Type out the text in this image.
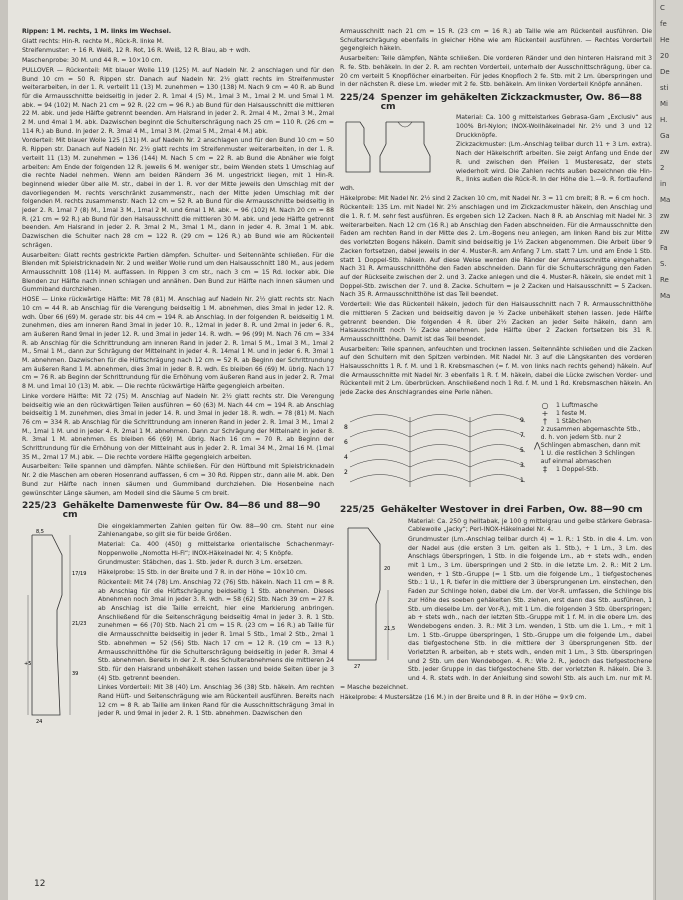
Rippen: 1 M. rechts, 1 M. links im Wechsel.

Glatt rechts: Hin-R. rechte M., Rück-R. linke M.

Streifenmuster: + 16 R. Weiß, 12 R. Rot, 16 R. Weiß, 12 R. Blau, ab + wdh.

Maschenprobe: 30 M. und 44 R. = 10×10 cm.

PULLOVER — Rückenteil: Mit blauer Wolle 119 (125) M. auf Nadeln Nr. 2 anschlagen und für den Bund 10 cm = 50 R. Rippen str. Danach auf Nadeln Nr. 2½ glatt rechts im Streifenmuster weiterarbeiten, in der 1. R. verteilt 11 (13) M. zunehmen = 130 (138) M. Nach 9 cm = 40 R. ab Bund für die Armausschnitte beidseitig in jeder 2. R. 1mal 4 (5) M., 1mal 3 M., 1mal 2 M. und 5mal 1 M. abk. = 94 (102) M. Nach 21 cm = 92 R. (22 cm = 96 R.) ab Bund für den Halsausschnitt die mittleren 22 M. abk. und jede Hälfte getrennt beenden. Am Halsrand in jeder 2. R. 2mal 4 M., 2mal 3 M., 2mal 2 M. und 4mal 1 M. abk. Dazwischen beginnt die Schulterschrägung nach 25 cm = 110 R. (26 cm = 114 R.) ab Bund. In jeder 2. R. 3mal 4 M., 1mal 3 M. (2mal 5 M., 2mal 4 M.) abk.

Vorderteil: Mit blauer Wolle 125 (131) M. auf Nadeln Nr. 2 anschlagen und für den Bund 10 cm = 50 R. Rippen str. Danach auf Nadeln Nr. 2½ glatt rechts im Streifenmuster weiterarbeiten, in der 1. R. verteilt 11 (13) M. zunehmen = 136 (144) M. Nach 5 cm = 22 R. ab Bund die Abnäher wie folgt arbeiten: Am Ende der folgenden 12 R. jeweils 6 M. weniger str., beim Wenden stets 1 Umschlag auf die rechte Nadel nehmen. Wenn am beiden Rändern 36 M. ungestrickt liegen, mit 1 Hin-R. beginnend wieder über alle M. str., dabei in der 1. R. vor der Mitte jeweils den Umschlag mit der davorliegenden M. rechts verschränkt zusammenstr., nach der Mitte jeden Umschlag mit der folgenden M. rechts zusammenstr. Nach 12 cm = 52 R. ab Bund für die Armausschnitte beidseitig in jeder 2. R. 1mal 7 (8) M., 1mal 3 M., 1mal 2 M. und 6mal 1 M. abk. = 96 (102) M. Nach 20 cm = 88 R. (21 cm = 92 R.) ab Bund für den Halsausschnitt die mittleren 30 M. abk. und jede Hälfte getrennt beenden. Am Halsrand in jeder 2. R. 3mal 2 M., 3mal 1 M., dann in jeder 4. R. 3mal 1 M. abk. Dazwischen die Schulter nach 28 cm = 122 R. (29 cm = 126 R.) ab Bund wie am Rückenteil schrägen.

Ausarbeiten: Glatt rechts gestrickte Partien dämpfen. Schulter- und Seitennähte schließen. Für die Blenden mit Spielstricknadeln Nr. 2 und weißer Wolle rund um den Halsausschnitt 180 M., aus jedem Armausschnitt 108 (114) M. auffassen. In Rippen 3 cm str., nach 3 cm = 15 Rd. locker abk. Die Blenden zur Hälfte nach innen schlagen und annähen. Den Bund zur Hälfte nach innen säumen und Gummiband durchziehen.

HOSE — Linke rückwärtige Hälfte: Mit 78 (81) M. Anschlag auf Nadeln Nr. 2½ glatt rechts str. Nach 10 cm = 44 R. ab Anschlag für die Verengung beidseitig 1 M. abnehmen, dies 3mal in jeder 12. R. wdh. Über 66 (69) M. gerade str. bis 44 cm = 194 R. ab Anschlag. In der folgenden R. beidseitig 1 M. zunehmen, dies am inneren Rand 3mal in jeder 10. R., 12mal in jeder 8. R. und 2mal in jeder 6. R., am äußeren Rand 9mal in jeder 12. R. und 3mal in jeder 14. R. wdh. = 96 (99) M. Nach 76 cm = 334 R. ab Anschlag für die Schrittrundung am inneren Rand in jeder 2. R. 1mal 5 M., 1mal 3 M., 1mal 2 M., 5mal 1 M., dann zur Schrägung der Mittelnaht in jeder 4. R. 14mal 1 M. und in jeder 6. R. 3mal 1 M. abnehmen. Dazwischen für die Hüftschrägung nach 12 cm = 52 R. ab Beginn der Schrittrundung am äußeren Rand 1 M. abnehmen, dies 3mal in jeder 8. R. wdh. Es bleiben 66 (69) M. übrig. Nach 17 cm = 76 R. ab Beginn der Schrittrundung für die Erhöhung vom äußeren Rand aus in jeder 2. R. 7mal 8 M. und 1mal 10 (13) M. abk. — Die rechte rückwärtige Hälfte gegengleich arbeiten.

Linke vordere Hälfte: Mit 72 (75) M. Anschlag auf Nadeln Nr. 2½ glatt rechts str. Die Verengung beidseitig wie an den rückwärtigen Teilen ausführen = 60 (63) M. Nach 44 cm = 194 R. ab Anschlag beidseitig 1 M. zunehmen, dies 3mal in jeder 14. R. und 3mal in jeder 18. R. wdh. = 78 (81) M. Nach 76 cm = 334 R. ab Anschlag für die Schrittrundung am inneren Rand in jeder 2. R. 1mal 3 M., 1mal 2 M., 1mal 1 M. und in jeder 4. R. 2mal 1 M. abnehmen. Dann zur Schrägung der Mittelnaht in jeder 8. R. 3mal 1 M. abnehmen. Es bleiben 66 (69) M. übrig. Nach 16 cm = 70 R. ab Beginn der Schrittrundung für die Erhöhung von der Mittelnaht aus in jeder 2. R. 1mal 34 M., 2mal 16 M. (1mal 35 M., 2mal 17 M.) abk. — Die rechte vordere Hälfte gegengleich arbeiten.

Ausarbeiten: Teile spannen und dämpfen. Nähte schließen. Für den Hüftbund mit Spielstricknadeln Nr. 2 die Maschen am oberen Hosenrand auffassen, 6 cm = 30 Rd. Rippen str., dann alle M. abk. Den Bund zur Hälfte nach innen säumen und Gummiband durchziehen. Die Hosenbeine nach gewünschter Länge säumen, am Modell sind die Säume 5 cm breit.

225/23 Gehäkelte Damenweste für Ow. 84—86 und 88—90 cm
17/19
21/23
39
+5
24
8,5

Die eingeklammerten Zahlen gelten für Ow. 88—90 cm. Steht nur eine Zahlenangabe, so gilt sie für beide Größen.

Material: Ca. 400 (450) g mittelstarke orientalische Schachenmayr-Noppenwolle „Nomotta Hi-Fi“; INOX-Häkelnadel Nr. 4; 5 Knöpfe.

Grundmuster: Stäbchen, das 1. Stb. jeder R. durch 3 Lm. ersetzen.

Häkelprobe: 15 Stb. in der Breite und 7 R. in der Höhe = 10×10 cm.

Rückenteil: Mit 74 (78) Lm. Anschlag 72 (76) Stb. häkeln. Nach 11 cm = 8 R. ab Anschlag für die Hüftschrägung beidseitig 1 Stb. abnehmen. Dieses Abnehmen noch 3mal in jeder 3. R. wdh. = 58 (62) Stb. Nach 39 cm = 27 R. ab Anschlag ist die Taille erreicht, hier eine Markierung anbringen. Anschließend für die Seitenschrägung beidseitig 4mal in jeder 3. R. 1 Stb. zunehmen = 66 (70) Stb. Nach 21 cm = 15 R. (23 cm = 16 R.) ab Taille für die Armausschnitte beidseitig in jeder R. 1mal 5 Stb., 1mal 2 Stb., 2mal 1 Stb. abnehmen = 52 (56) Stb. Nach 17 cm = 12 R. (19 cm = 13 R.) Armausschnitthöhe für die Schulterschrägung beidseitig in jeder R. 3mal 4 Stb. abnehmen. Bereits in der 2. R. des Schulterabnehmens die mittleren 24 Stb. für den Halsrand unbehäkelt stehen lassen und beide Seiten über je 3 (4) Stb. getrennt beenden.

Linkes Vorderteil: Mit 38 (40) Lm. Anschlag 36 (38) Stb. häkeln. Am rechten Rand Hüft- und Seitenschrägung wie am Rückenteil ausführen. Bereits nach 12 cm = 8 R. ab Taille am linken Rand für die Ausschnittschrägung 3mal in jeder R. und 9mal in jeder 2. R. 1 Stb. abnehmen. Dazwischen den

Armausschnitt nach 21 cm = 15 R. (23 cm = 16 R.) ab Taille wie am Rückenteil ausführen. Die Schulterschrägung ebenfalls in gleicher Höhe wie am Rückenteil ausführen. — Rechtes Vorderteil gegengleich häkeln.

Ausarbeiten: Teile dämpfen, Nähte schließen. Die vorderen Ränder und den hinteren Halsrand mit 3 R. fe. Stb. behäkeln. In der 2. R. am rechten Vorderteil, unterhalb der Ausschnittschrägung, über ca. 20 cm verteilt 5 Knopflöcher einarbeiten. Für jedes Knopfloch 2 fe. Stb. mit 2 Lm. überspringen und in der nächsten R. diese Lm. wieder mit 2 fe. Stb. behäkeln. Am linken Vorderteil Knöpfe annähen.

225/24 Spenzer im gehäkelten Zickzackmuster, Ow. 86—88 cm

Material: Ca. 100 g mittelstarkes Gebrasa-Garn „Exclusiv“ aus 100% Bri-Nylon; INOX-Wollhäkelnadel Nr. 2½ und 3 und 12 Druckknöpfe.

Zickzackmuster: (Lm.-Anschlag teilbar durch 11 + 3 Lm. extra). Nach der Häkelschrift arbeiten. Sie zeigt Anfang und Ende der R. und zwischen den Pfeilen 1 Musteresatz, der stets wiederholt wird. Die Zahlen rechts außen bezeichnen die Hin-R., links außen die Rück-R. In der Höhe die 1.—9. R. fortlaufend wdh.

Häkelprobe: Mit Nadel Nr. 2½ sind 2 Zacken 10 cm, mit Nadel Nr. 3 = 11 cm breit; 8 R. = 6 cm hoch.

Rückenteil: 135 Lm. mit Nadel Nr. 2½ anschlagen und im Zickzackmuster häkeln, den Anschlag und die 1. R. f. M. sehr fest ausführen. Es ergeben sich 12 Zacken. Nach 8 R. ab Anschlag mit Nadel Nr. 3 weiterarbeiten. Nach 12 cm (16 R.) ab Anschlag den Faden abschneiden. Für die Armausschnitte den Faden am rechten Rand in der Mitte des 2. Lm.-Bogens neu anlegen, am linken Rand bis zur Mitte des vorletzten Bogens häkeln. Damit sind beidseitig je 1½ Zacken abgenommen. Die Arbeit über 9 Zacken fortsetzen, dabei jeweils in der 4. Muster-R. am Anfang 7 Lm. statt 7 Lm. und am Ende 1 Stb. statt 1 Doppel-Stb. häkeln. Auf diese Weise werden die Ränder der Armausschnitte eingehalten. Nach 31 R. Armausschnitthöhe den Faden abschneiden. Dann für die Schulterschrägung den Faden auf der Rückseite zwischen der 2. und 3. Zacke anlegen und die 4. Muster-R. häkeln, sie endet mit 1 Doppel-Stb. zwischen der 7. und 8. Zacke. Schultern = je 2 Zacken und Halsausschnitt = 5 Zacken. Nach 35 R. Armausschnitthöhe ist das Teil beendet.

Vorderteil: Wie das Rückenteil häkeln, jedoch für den Halsausschnitt nach 7 R. Armausschnitthöhe die mittleren 5 Zacken und beidseitig davon je ½ Zacke unbehäkelt stehen lassen. Jede Hälfte getrennt beenden. Die folgenden 4 R. über 2½ Zacken an jeder Seite häkeln, dann am Halsausschnitt noch ½ Zacke abnehmen. Jede Hälfte über 2 Zacken fortsetzen bis 31 R. Armausschnitthöhe. Damit ist das Teil beendet.

Ausarbeiten: Teile spannen, anfeuchten und trocknen lassen. Seitennähte schließen und die Zacken auf den Schultern mit den Spitzen verbinden. Mit Nadel Nr. 3 auf die Längskanten des vorderen Halsausschnitts 1 R. f. M. und 1 R. Krebsmaschen (= f. M. von links nach rechts gehend) häkeln. Auf die Armausschnitte mit Nadel Nr. 3 ebenfalls 1 R. f. M. häkeln, dabei die Lücke zwischen Vorder- und Rückenteil mit 2 Lm. überbrücken. Anschließend noch 1 Rd. f. M. und 1 Rd. Krebsmaschen häkeln. An jede Zacke des Anschlagrandes eine Perle nähen.

8
6
4
2
9
7
5
3
1
○	1 Luftmasche
+	1 feste M.
†	1 Stäbchen
⋀
2 zusammen abgemaschte Stb., d. h. von jedem Stb. nur 2 Schlingen abmaschen, dann mit 1 U. die restlichen 3 Schlingen auf einmal abmaschen
‡	1 Doppel-Stb.
225/25 Gehäkelter Westover in drei Farben, Ow. 88—90 cm
27
21,5
20

Material: Ca. 250 g helltabak, je 100 g mittelgrau und gelbe stärkere Gebrasa-Cablewolle „Jacky“; Perl-INOX-Häkelnadel Nr. 4.

Grundmuster (Lm.-Anschlag teilbar durch 4) = 1. R.: 1 Stb. in die 4. Lm. von der Nadel aus (die ersten 3 Lm. gelten als 1. Stb.), + 1 Lm., 3 Lm. des Anschlags überspringen, 1 Stb. in die folgende Lm., ab + stets wdh., enden mit 1 Lm., 3 Lm. überspringen und 2 Stb. in die letzte Lm. 2. R.: Mit 2 Lm. wenden, + 1 Stb.-Gruppe (= 1 Stb. um die folgende Lm., 1 tiefgestochenes Stb.: 1 U., 1 R. tiefer in die mittlere der 3 übersprungenen Lm. einstechen, den Faden zur Schlinge holen, dabei die Lm. der Vor-R. umfassen, die Schlinge bis zur Höhe des soeben gehäkelten Stb. ziehen, erst dann das Stb. ausführen, 1 Stb. um dieselbe Lm. der Vor-R.), mit 1 Lm. die folgenden 3 Stb. überspringen; ab + stets wdh., nach der letzten Stb.-Gruppe mit 1 f. M. in die obere Lm. des Wendebogens enden. 3. R.: Mit 3 Lm. wenden, 1 Stb. um die 1. Lm., + mit 1 Lm. 1 Stb.-Gruppe überspringen, 1 Stb.-Gruppe um die folgende Lm., dabei das tiefgestochene Stb. in die mittlere der 3 übersprungenen Stb. der Vorletzten R. arbeiten, ab + stets wdh., enden mit 1 Lm., 3 Stb. überspringen und 2 Stb. um den Wendebogen. 4. R.: Wie 2. R., jedoch das tiefgestochene Stb. jeder Gruppe in das tiefgestochene Stb. der vorletzten R. häkeln. Die 3. und 4. R. stets wdh. In der Anleitung sind sowohl Stb. als auch Lm. nur mit M. = Masche bezeichnet.

Häkelprobe: 4 Mustersätze (16 M.) in der Breite und 8 R. in der Höhe = 9×9 cm.

12
C
fe
He
20
De
sti
Mi
H.
Ga
zw
2
in
Ma
zw
zw
Fa
S.
Re
Ma
